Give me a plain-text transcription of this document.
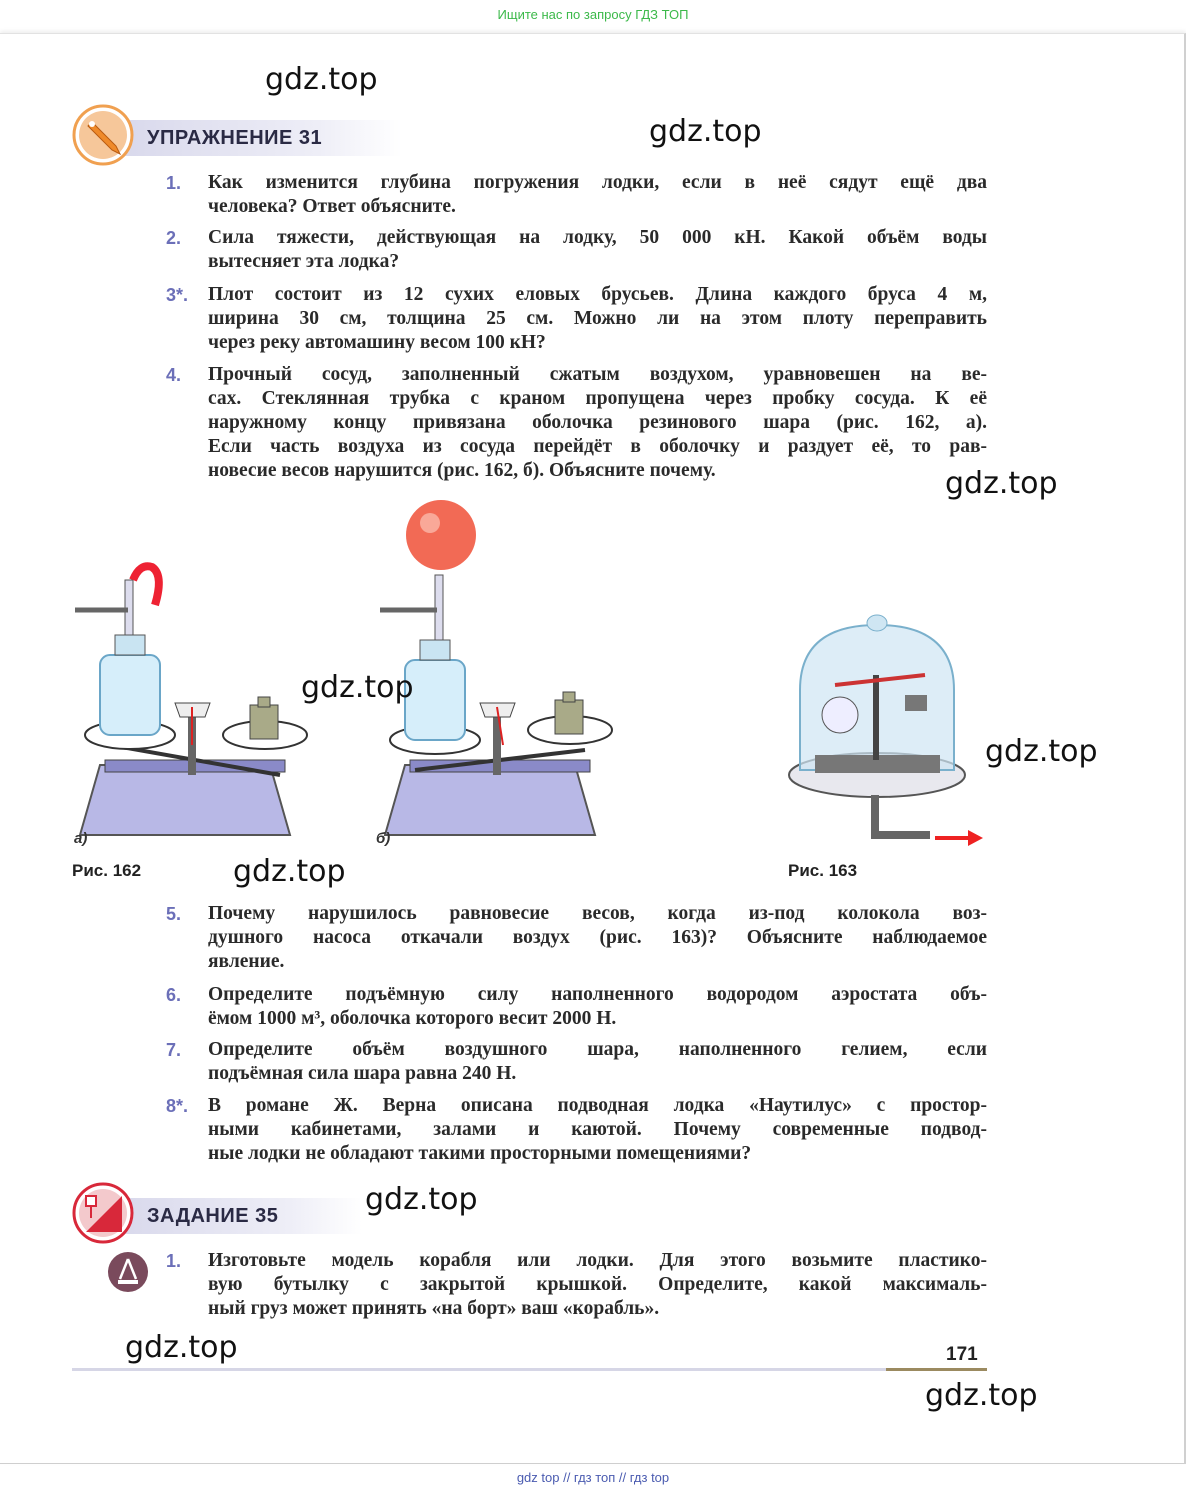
Ищите нас по запросу ГДЗ ТОП
УПРАЖНЕНИЕ 31
1. Как изменится глубина погружения лодки, если в неё сядут ещё два
человека? Ответ объясните.
2. Сила тяжести, действующая на лодку, 50 000 кН. Какой объём воды
вытесняет эта лодка?
3*. Плот состоит из 12 сухих еловых брусьев. Длина каждого бруса 4 м,
ширина 30 см, толщина 25 см. Можно ли на этом плоту переправить
через реку автомашину весом 100 кН?
4. Прочный сосуд, заполненный сжатым воздухом, уравновешен на ве-
сах. Стеклянная трубка с краном пропущена через пробку сосуда. К её
наружному концу привязана оболочка резинового шара (рис. 162, а).
Если часть воздуха из сосуда перейдёт в оболочку и раздует её, то рав-
новесие весов нарушится (рис. 162, б). Объясните почему.
а)	б)
Рис. 162	Рис. 163
5. Почему нарушилось равновесие весов, когда из-под колокола воз-
душного насоса откачали воздух (рис. 163)? Объясните наблюдаемое
явление.
6. Определите подъёмную силу наполненного водородом аэростата объ-
ёмом 1000 м³, оболочка которого весит 2000 Н.
7. Определите объём воздушного шара, наполненного гелием, если
подъёмная сила шара равна 240 Н.
8*. В романе Ж. Верна описана подводная лодка «Наутилус» с простор-
ными кабинетами, залами и каютой. Почему современные подвод-
ные лодки не обладают такими просторными помещениями?
ЗАДАНИЕ 35
1. Изготовьте модель корабля или лодки. Для этого возьмите пластико-
вую бутылку с закрытой крышкой. Определите, какой максималь-
ный груз может принять «на борт» ваш «корабль».
171
gdz.top
gdz.top
gdz.top
gdz.top
gdz.top
gdz.top
gdz.top
gdz.top
gdz.top
gdz top // гдз топ // гдз top
